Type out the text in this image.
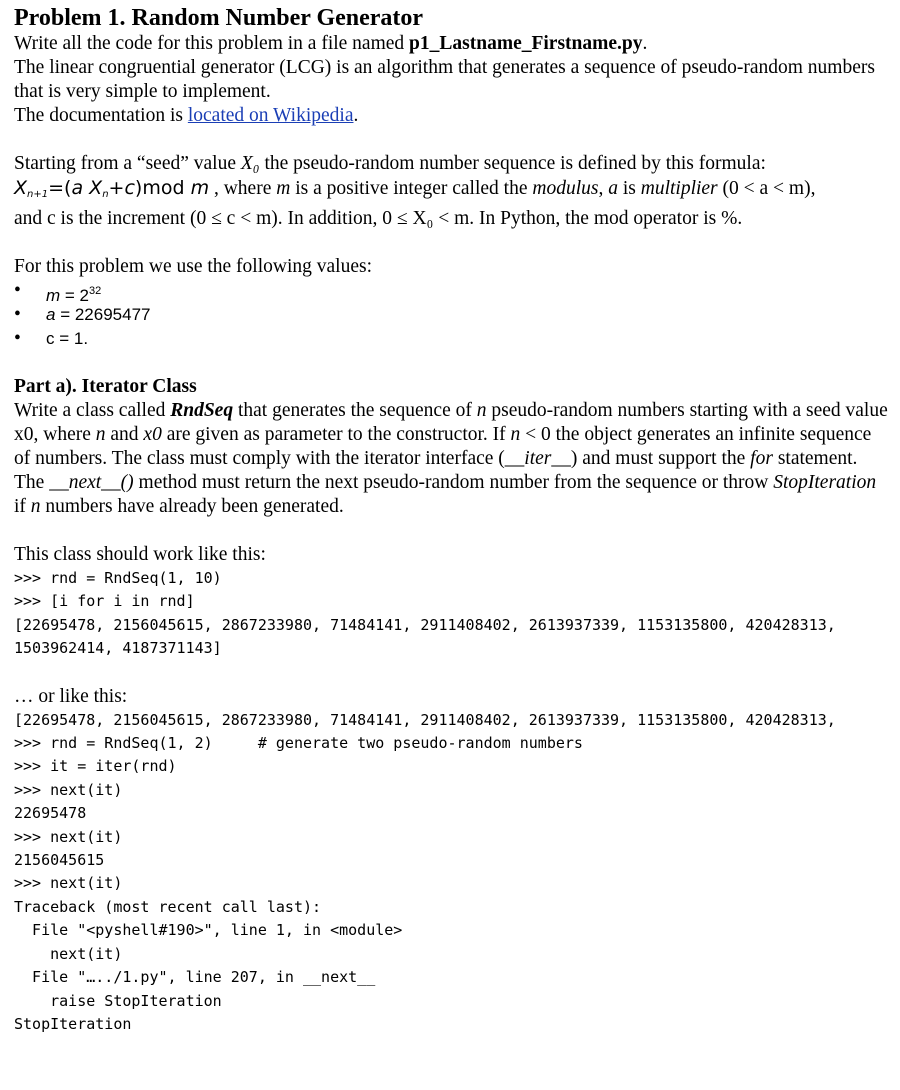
Problem 1. Random Number Generator

Write all the code for this problem in a file named p1_Lastname_Firstname.py.

The linear congruential generator (LCG) is an algorithm that generates a sequence of pseudo-random numbers that is very simple to implement.

The documentation is located on Wikipedia.

Starting from a “seed” value X₀ the pseudo-random number sequence is defined by this formula:

$X_{n+1}=(a$ $X_n+c)mod$ m , where m is a positive integer called the modulus, a is multiplier (0 < a < m),

and c is the increment (0 ≤ c < m). In addition, 0 ≤ X₀ < m. In Python, the mod operator is %.

For this problem we use the following values:

• $m = 2^{32}$
• a = 22695477
• c = 1.

Part a). Iterator Class

Write a class called RndSeq that generates the sequence of n pseudo-random numbers starting with a seed value x0, where n and x0 are given as parameter to the constructor. If n < 0 the object generates an infinite sequence of numbers. The class must comply with the iterator interface (__iter__) and must support the for statement.

The __next__() method must return the next pseudo-random number from the sequence or throw StopIteration if n numbers have already been generated.

This class should work like this:

>>> rnd = RndSeq(1, 10)
>>> [i for i in rnd]
[22695478, 2156045615, 2867233980, 71484141, 2911408402, 2613937339, 1153135800, 420428313,
1503962414, 4187371143]

… or like this:

[22695478, 2156045615, 2867233980, 71484141, 2911408402, 2613937339, 1153135800, 420428313,
>>> rnd = RndSeq(1, 2)     # generate two pseudo-random numbers
>>> it = iter(rnd)
>>> next(it)
22695478
>>> next(it)
2156045615
>>> next(it)
Traceback (most recent call last):
File "<pyshell#190>", line 1, in <module>
next(it)
File "…../1.py", line 207, in __next__
raise StopIteration
StopIteration
